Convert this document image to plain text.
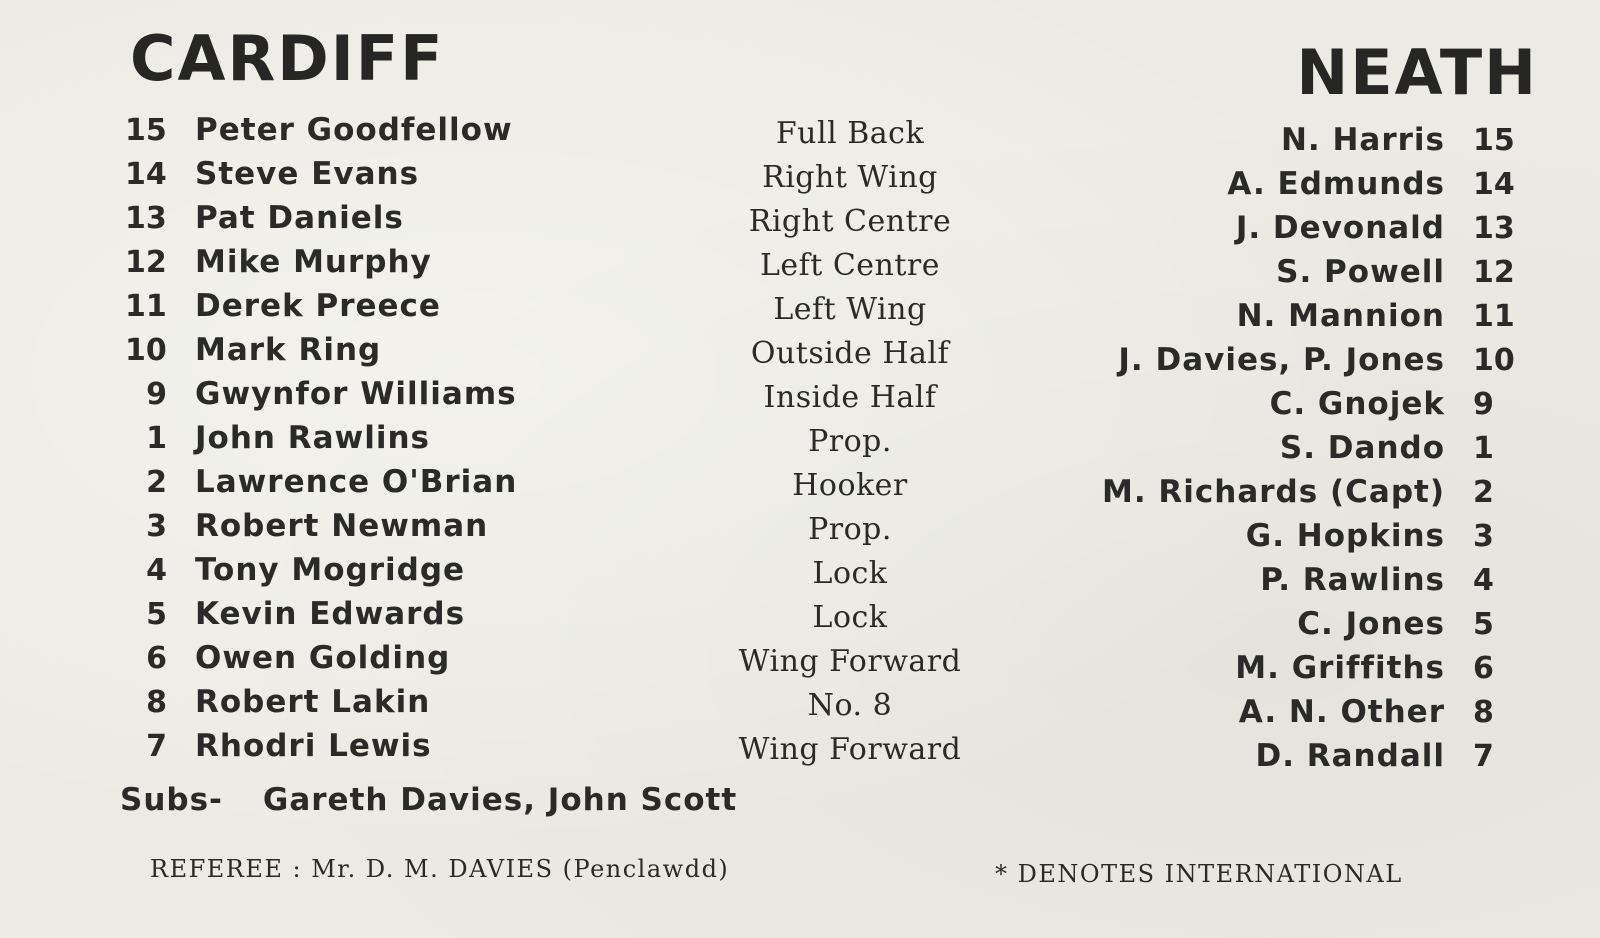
CARDIFF	NEATH
15 Peter Goodfellow
14 Steve Evans
13 Pat Daniels
12 Mike Murphy
11 Derek Preece
10 Mark Ring
9 Gwynfor Williams
1 John Rawlins
2 Lawrence O'Brian
3 Robert Newman
4 Tony Mogridge
5 Kevin Edwards
6 Owen Golding
8 Robert Lakin
7 Rhodri Lewis
Full Back
Right Wing
Right Centre
Left Centre
Left Wing
Outside Half
Inside Half
Prop.
Hooker
Prop.
Lock
Lock
Wing Forward
No. 8
Wing Forward
N. Harris 15
A. Edmunds 14
J. Devonald 13
S. Powell 12
N. Mannion 11
J. Davies, P. Jones 10
C. Gnojek 9
S. Dando 1
M. Richards (Capt) 2
G. Hopkins 3
P. Rawlins 4
C. Jones 5
M. Griffiths 6
A. N. Other 8
D. Randall 7
Subs- Gareth Davies, John Scott
REFEREE : Mr. D. M. DAVIES (Penclawdd)	* DENOTES INTERNATIONAL
